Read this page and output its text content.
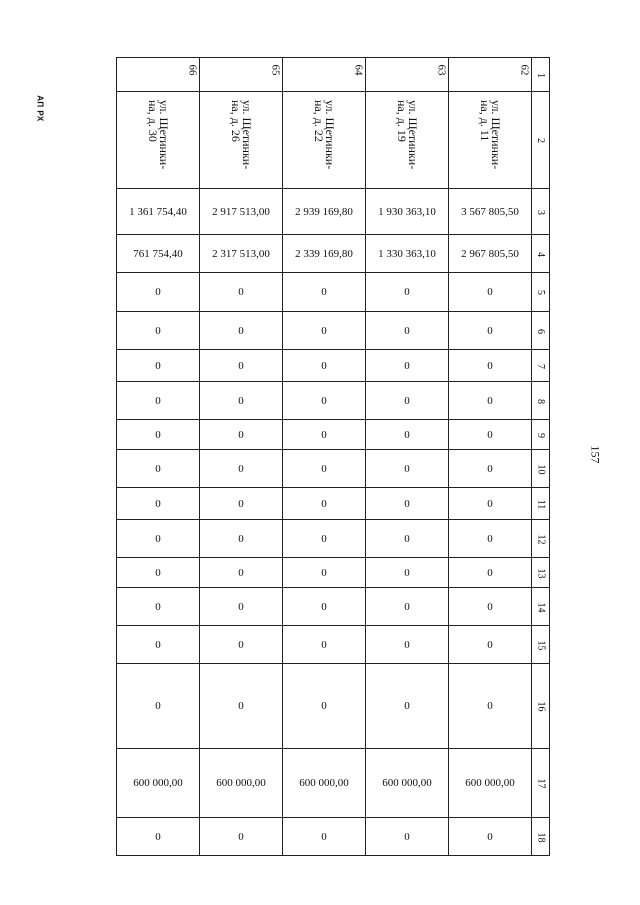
АП РХ
157
66	65	64	63	62	1
ул. Щетинки-на, д. 30	ул. Щетинки-на, д. 26	ул. Щетинки-на, д. 22	ул. Щетинки-на, д. 19	ул. Щетинки-на, д. 11	2
1 361 754,40	2 917 513,00	2 939 169,80	1 930 363,10	3 567 805,50	3
761 754,40	2 317 513,00	2 339 169,80	1 330 363,10	2 967 805,50	4
0	0	0	0	0	5
0	0	0	0	0	6
0	0	0	0	0	7
0	0	0	0	0	8
0	0	0	0	0	9
0	0	0	0	0	10
0	0	0	0	0	11
0	0	0	0	0	12
0	0	0	0	0	13
0	0	0	0	0	14
0	0	0	0	0	15
0	0	0	0	0	16
600 000,00	600 000,00	600 000,00	600 000,00	600 000,00	17
0	0	0	0	0	18
